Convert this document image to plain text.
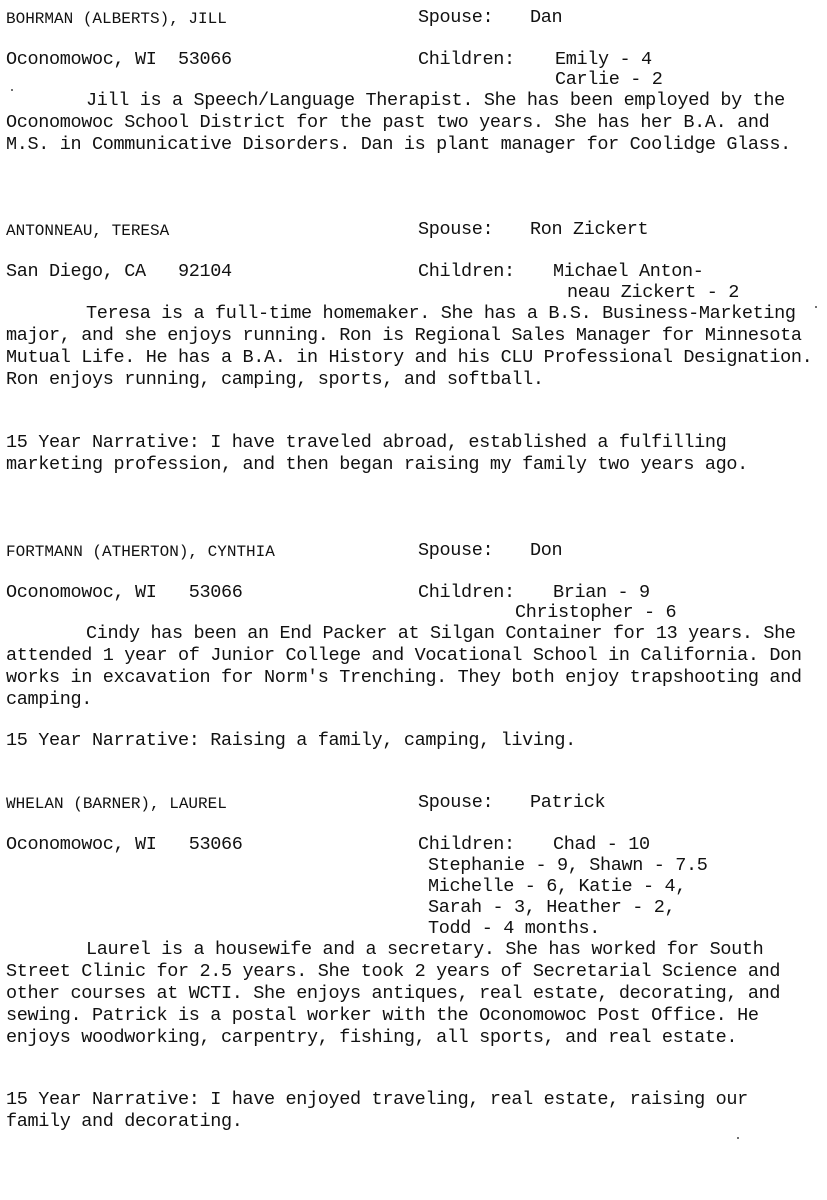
BOHRMAN (ALBERTS), JILL	Spouse: Dan
Oconomowoc, WI  53066	Children: Emily - 4
Carlie - 2

Jill is a Speech/Language Therapist. She has been employed by the Oconomowoc School District for the past two years. She has her B.A. and M.S. in Communicative Disorders. Dan is plant manager for Coolidge Glass.

ANTONNEAU, TERESA	Spouse: Ron Zickert
San Diego, CA   92104	Children: Michael Anton-
neau Zickert - 2

Teresa is a full-time homemaker. She has a B.S. Business-Marketing major, and she enjoys running. Ron is Regional Sales Manager for Minnesota Mutual Life. He has a B.A. in History and his CLU Professional Designation. Ron enjoys running, camping, sports, and softball.

15 Year Narrative: I have traveled abroad, established a fulfilling marketing profession, and then began raising my family two years ago.

FORTMANN (ATHERTON), CYNTHIA	Spouse: Don
Oconomowoc, WI   53066	Children: Brian - 9
Christopher - 6

Cindy has been an End Packer at Silgan Container for 13 years. She attended 1 year of Junior College and Vocational School in California. Don works in excavation for Norm's Trenching. They both enjoy trapshooting and camping.

15 Year Narrative: Raising a family, camping, living.

WHELAN (BARNER), LAUREL	Spouse: Patrick
Oconomowoc, WI   53066	Children: Chad - 10
Stephanie - 9, Shawn - 7.5
Michelle - 6, Katie - 4,
Sarah - 3, Heather - 2,
Todd - 4 months.

Laurel is a housewife and a secretary. She has worked for South Street Clinic for 2.5 years. She took 2 years of Secretarial Science and other courses at WCTI. She enjoys antiques, real estate, decorating, and sewing. Patrick is a postal worker with the Oconomowoc Post Office. He enjoys woodworking, carpentry, fishing, all sports, and real estate.

15 Year Narrative: I have enjoyed traveling, real estate, raising our family and decorating.
